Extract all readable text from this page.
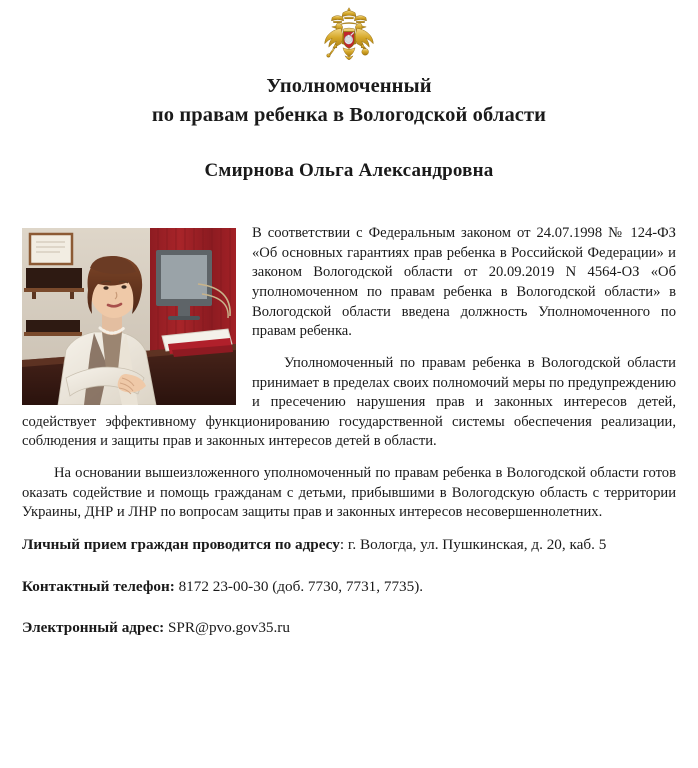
Уполномоченный
по правам ребенка в Вологодской области
Смирнова Ольга Александровна

В соответствии с Федеральным законом от 24.07.1998 № 124-ФЗ «Об основных гарантиях прав ребенка в Российской Федерации» и законом Вологодской области от 20.09.2019 N 4564-ОЗ «Об уполномоченном по правам ребенка в Вологодской области» в Вологодской области введена должность Уполномоченного по правам ребенка.

Уполномоченный по правам ребенка в Вологодской области принимает в пределах своих полномочий меры по предупреждению и пресечению нарушения прав и законных интересов детей, содействует эффективному функционированию государственной системы обеспечения реализации, соблюдения и защиты прав и законных интересов детей в области.

На основании вышеизложенного уполномоченный по правам ребенка в Вологодской области готов оказать содействие и помощь гражданам с детьми, прибывшими в Вологодскую область с территории Украины, ДНР и ЛНР по вопросам защиты прав и законных интересов несовершеннолетних.

Личный прием граждан проводится по адресу: г. Вологда, ул. Пушкинская, д. 20, каб. 5

Контактный телефон: 8172 23-00-30 (доб. 7730, 7731, 7735).

Электронный адрес: SPR@pvo.gov35.ru
